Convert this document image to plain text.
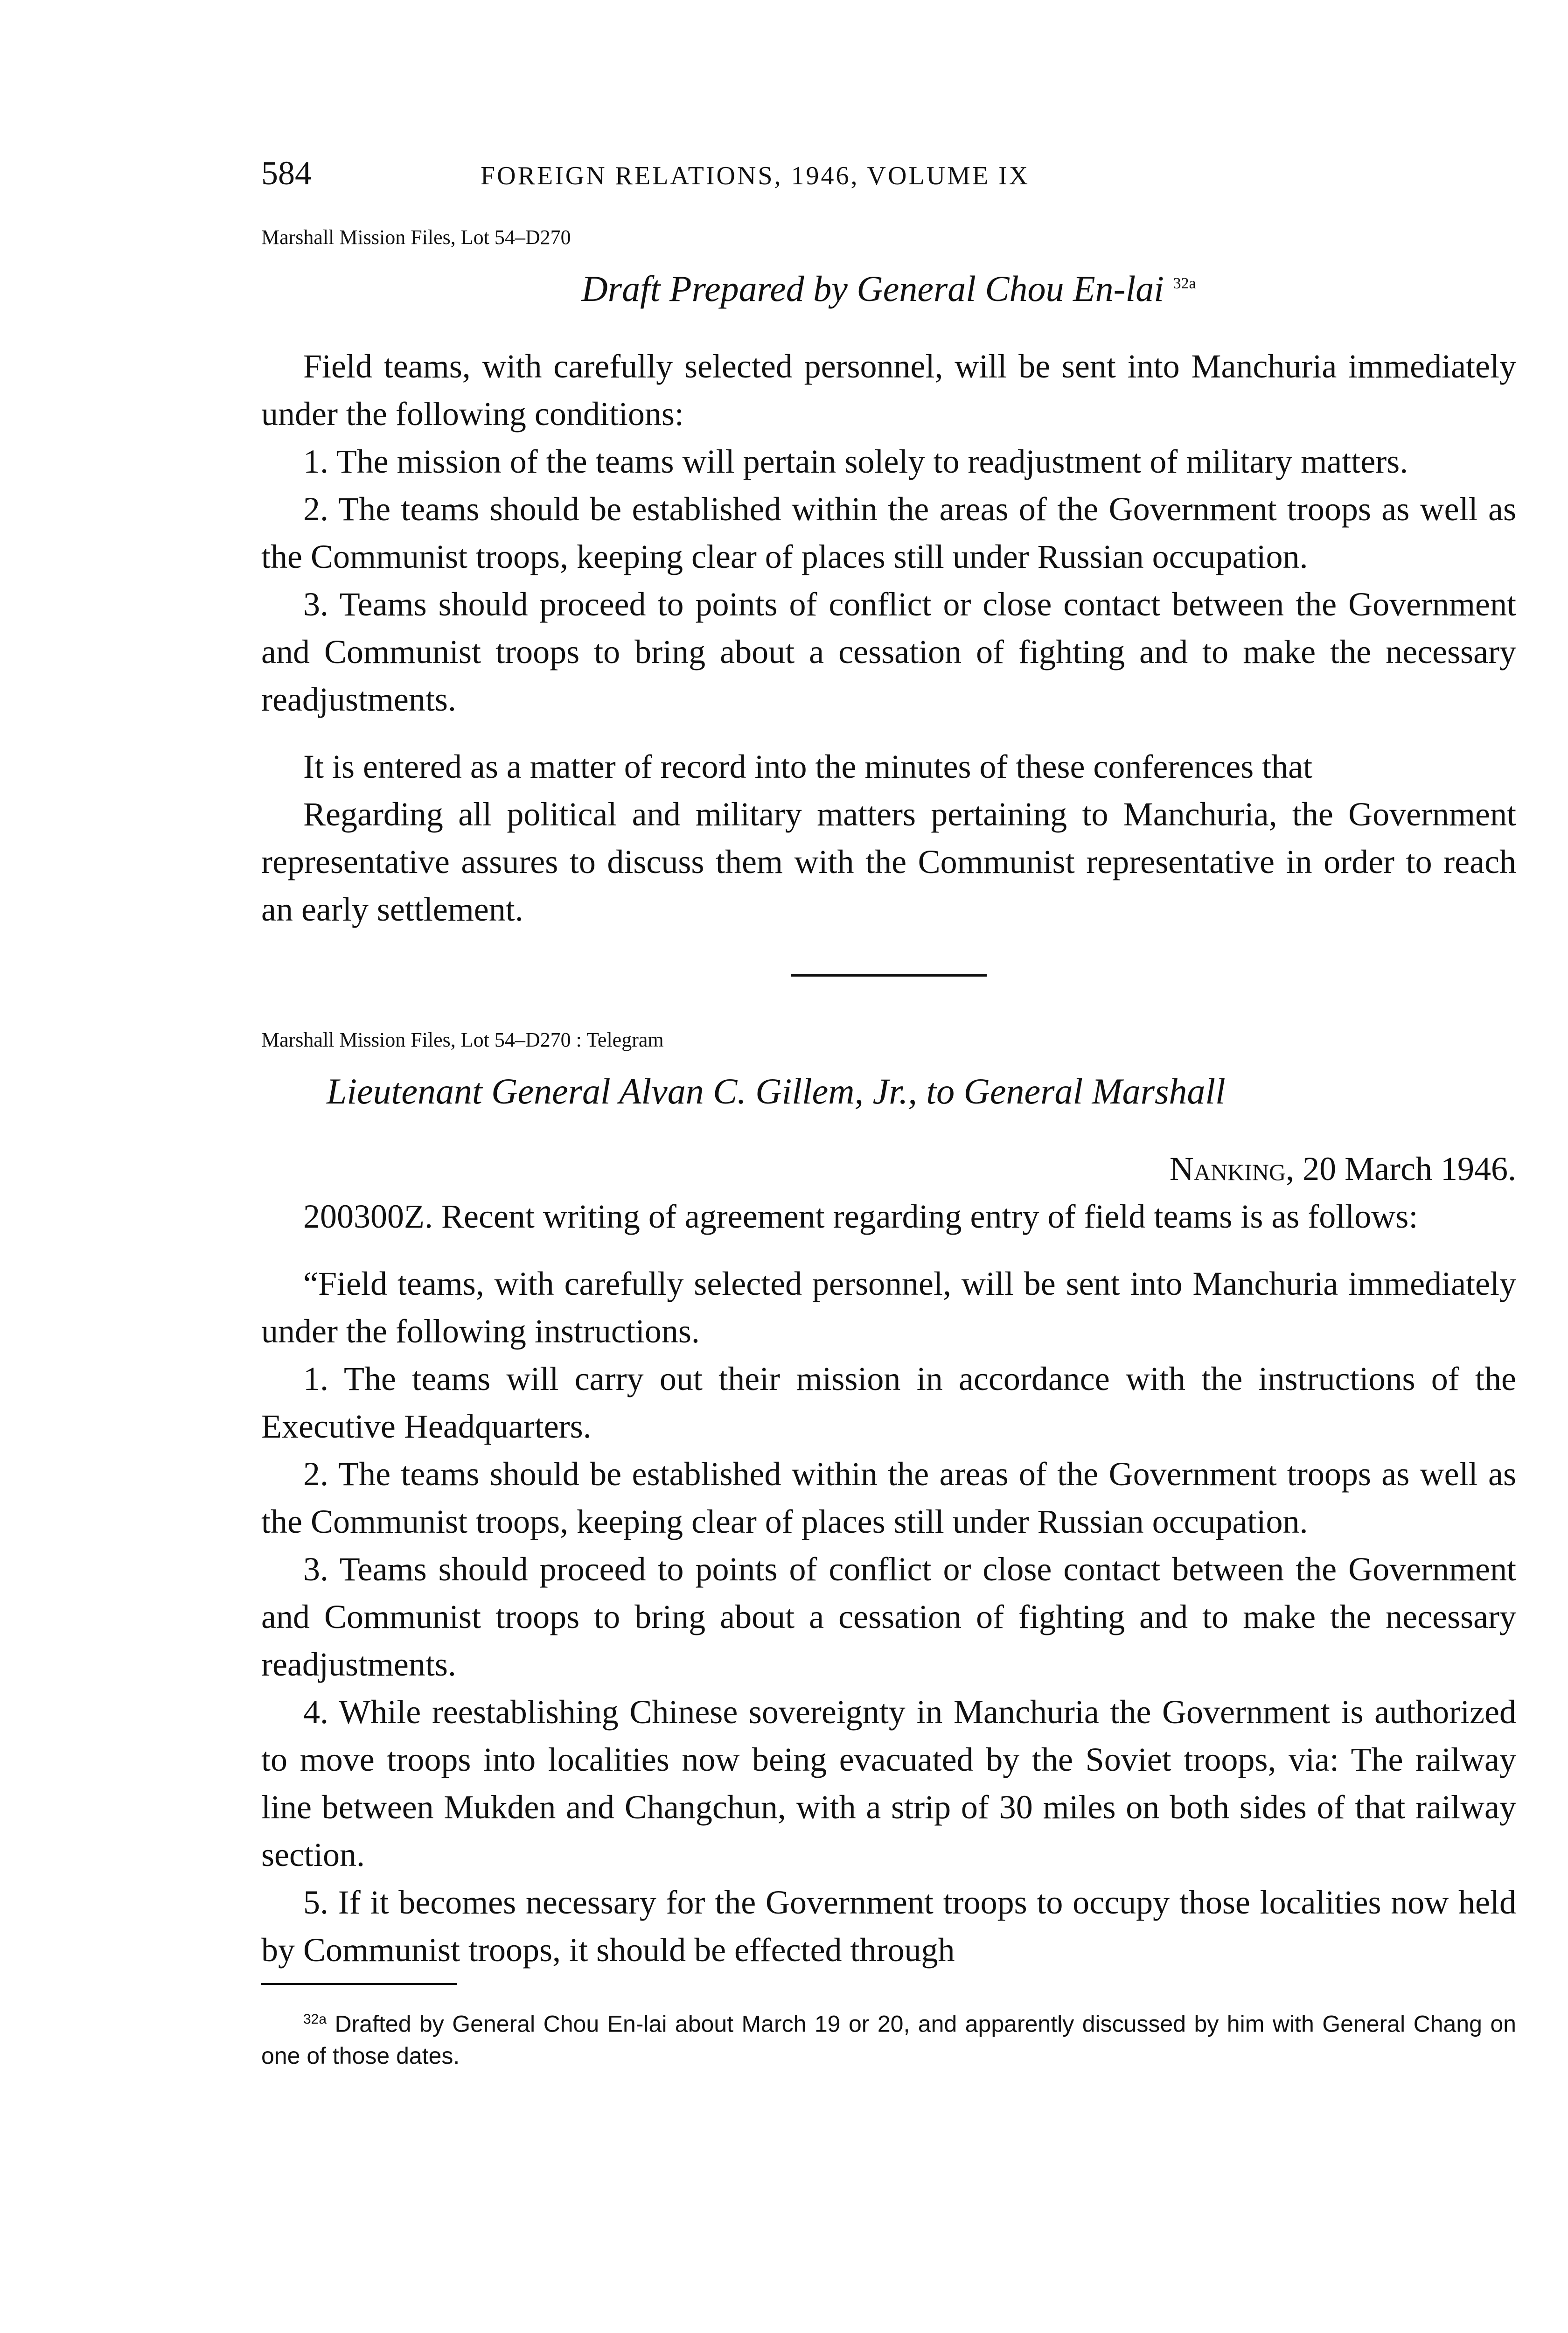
584	FOREIGN RELATIONS, 1946, VOLUME IX
Marshall Mission Files, Lot 54–D270
Draft Prepared by General Chou En-lai $^{32a}$

Field teams, with carefully selected personnel, will be sent into Manchuria immediately under the following conditions:

1. The mission of the teams will pertain solely to readjustment of military matters.

2. The teams should be established within the areas of the Government troops as well as the Communist troops, keeping clear of places still under Russian occupation.

3. Teams should proceed to points of conflict or close contact between the Government and Communist troops to bring about a cessation of fighting and to make the necessary readjustments.

It is entered as a matter of record into the minutes of these conferences that

Regarding all political and military matters pertaining to Manchuria, the Government representative assures to discuss them with the Communist representative in order to reach an early settlement.

Marshall Mission Files, Lot 54–D270 : Telegram
Lieutenant General Alvan C. Gillem, Jr., to General Marshall
Nanking, 20 March 1946.

200300Z. Recent writing of agreement regarding entry of field teams is as follows:

“Field teams, with carefully selected personnel, will be sent into Manchuria immediately under the following instructions.

1. The teams will carry out their mission in accordance with the instructions of the Executive Headquarters.

2. The teams should be established within the areas of the Government troops as well as the Communist troops, keeping clear of places still under Russian occupation.

3. Teams should proceed to points of conflict or close contact between the Government and Communist troops to bring about a cessation of fighting and to make the necessary readjustments.

4. While reestablishing Chinese sovereignty in Manchuria the Government is authorized to move troops into localities now being evacuated by the Soviet troops, via: The railway line between Mukden and Changchun, with a strip of 30 miles on both sides of that railway section.

5. If it becomes necessary for the Government troops to occupy those localities now held by Communist troops, it should be effected through

$^{32a}$ Drafted by General Chou En-lai about March 19 or 20, and apparently discussed by him with General Chang on one of those dates.
